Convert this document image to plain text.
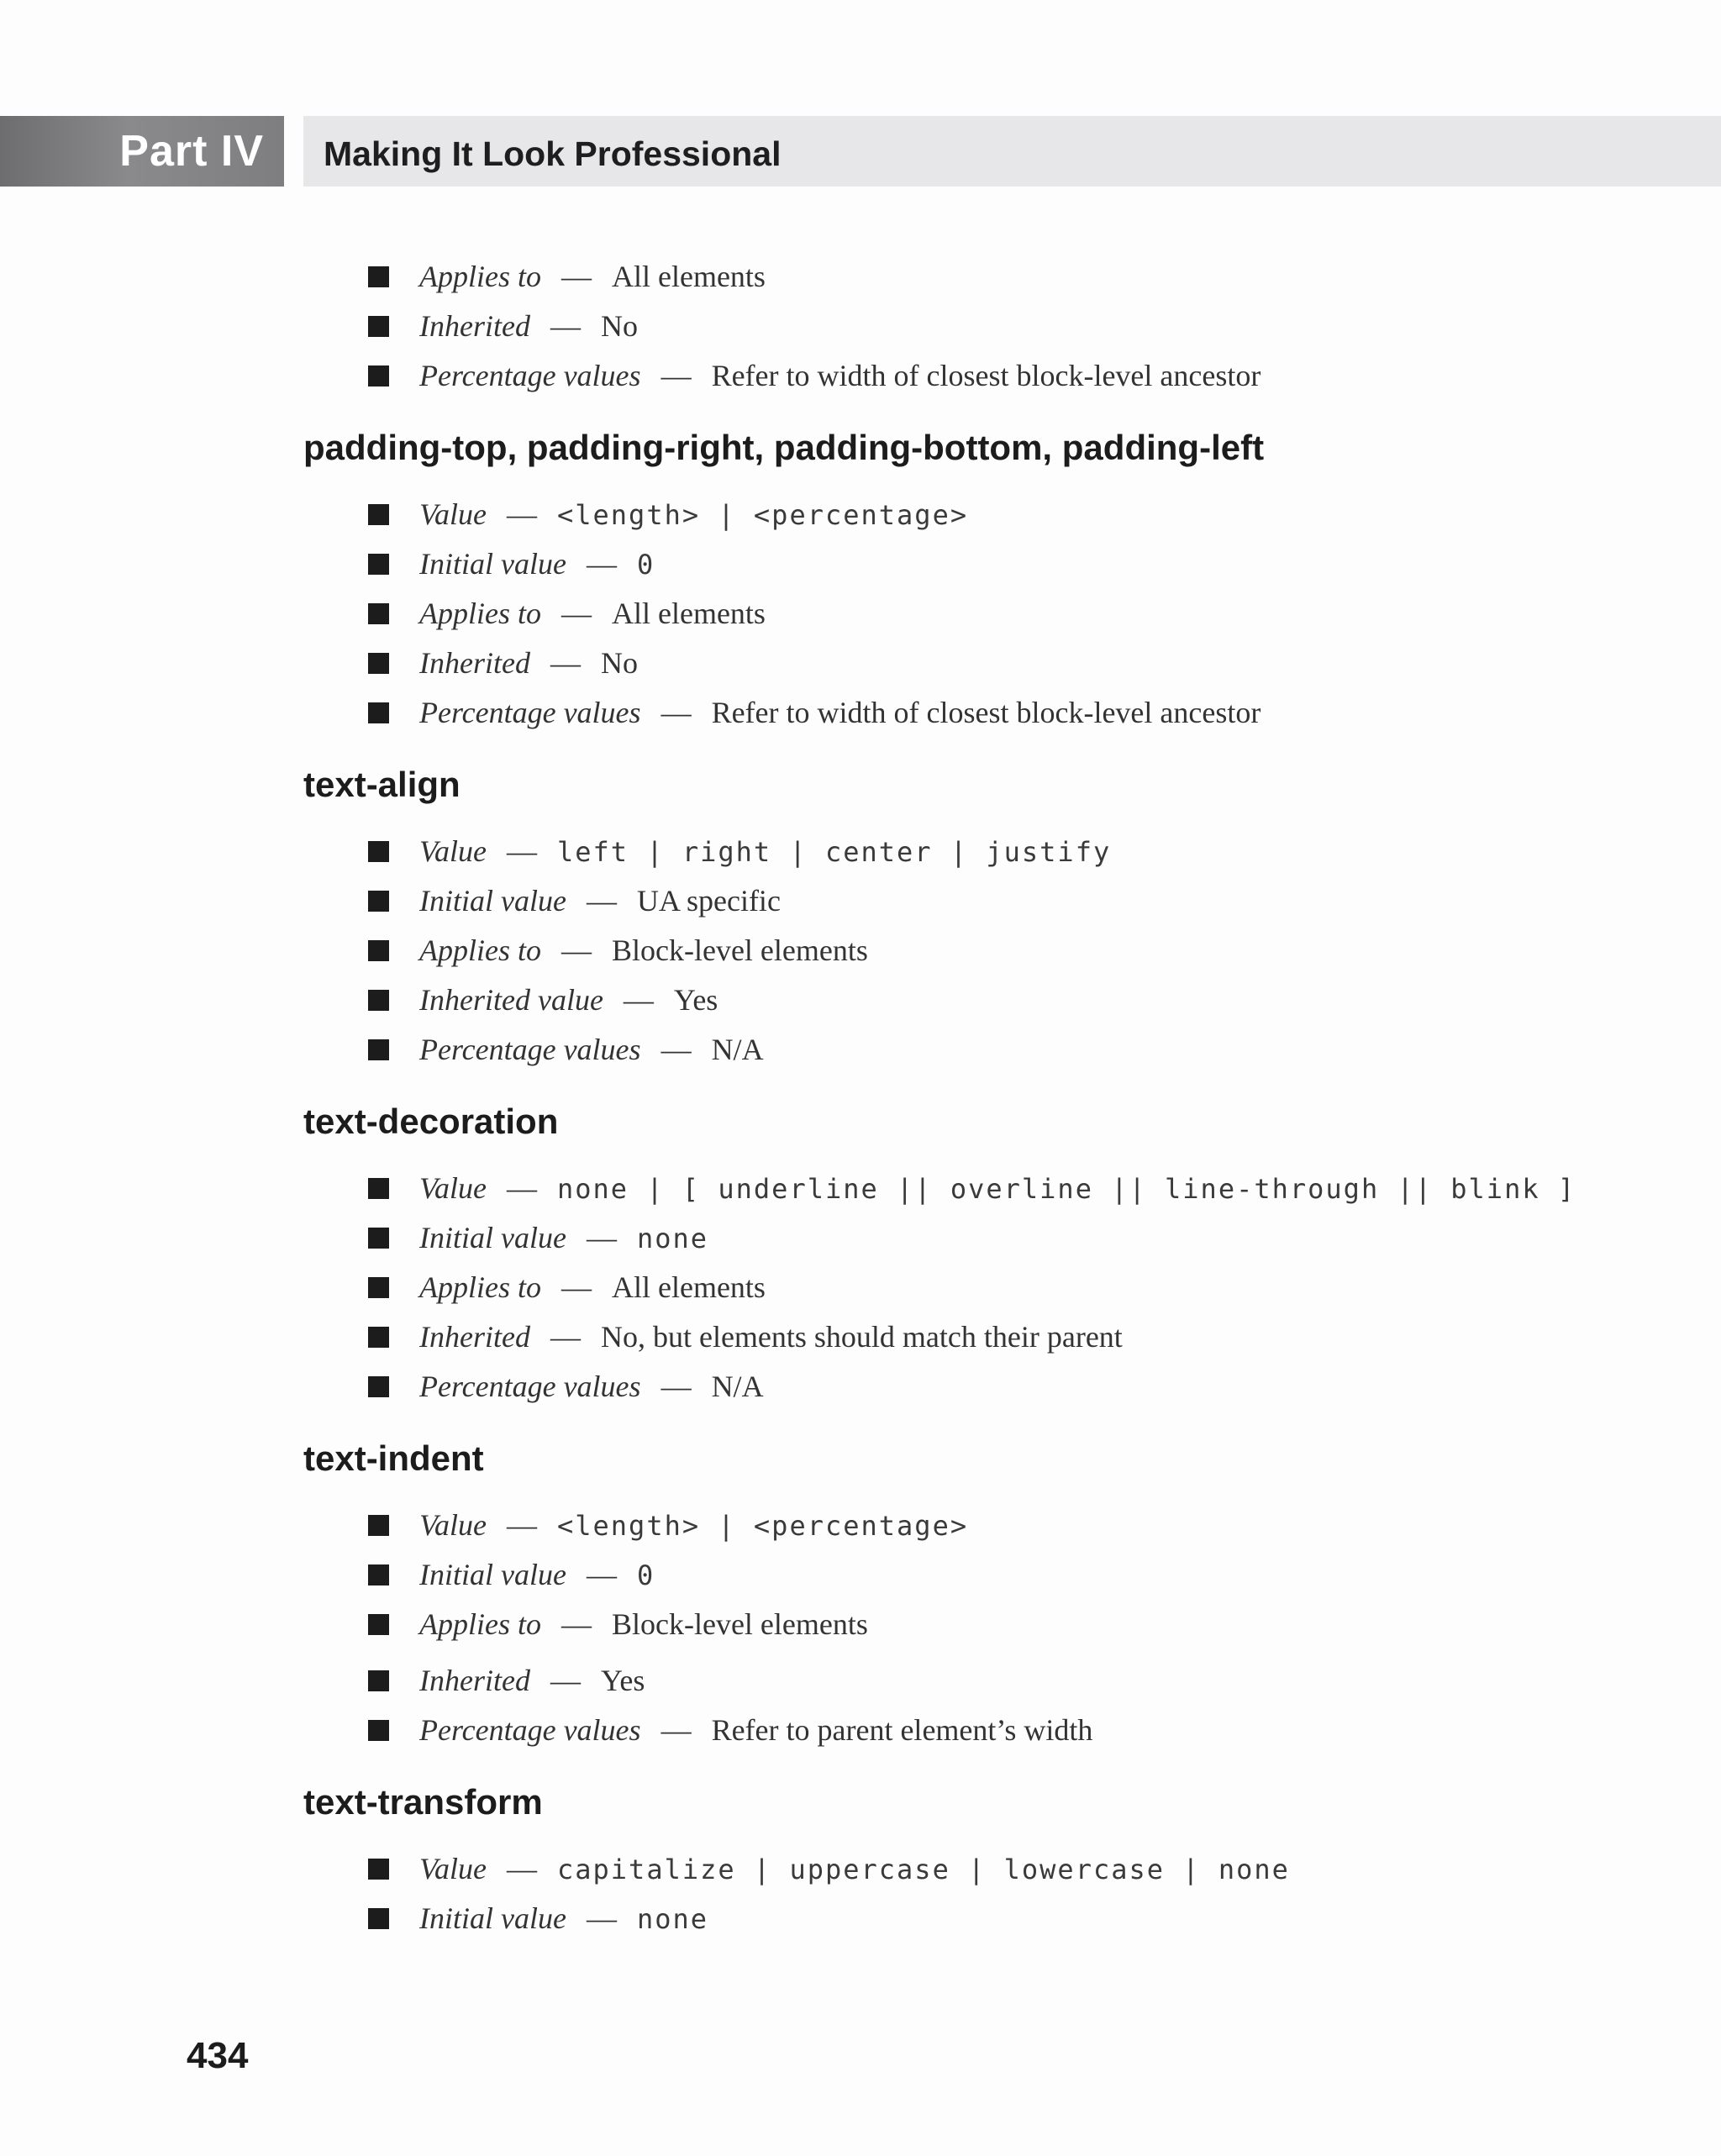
Part IV Making It Look Professional
Applies to — All elements
Inherited — No
Percentage values — Refer to width of closest block-level ancestor
padding-top, padding-right, padding-bottom, padding-left
Value — <length> | <percentage>
Initial value — 0
Applies to — All elements
Inherited — No
Percentage values — Refer to width of closest block-level ancestor
text-align
Value — left | right | center | justify
Initial value — UA specific
Applies to — Block-level elements
Inherited value — Yes
Percentage values — N/A
text-decoration
Value — none | [ underline || overline || line-through || blink ]
Initial value — none
Applies to — All elements
Inherited — No, but elements should match their parent
Percentage values — N/A
text-indent
Value — <length> | <percentage>
Initial value — 0
Applies to — Block-level elements
Inherited — Yes
Percentage values — Refer to parent element’s width
text-transform
Value — capitalize | uppercase | lowercase | none
Initial value — none
434
